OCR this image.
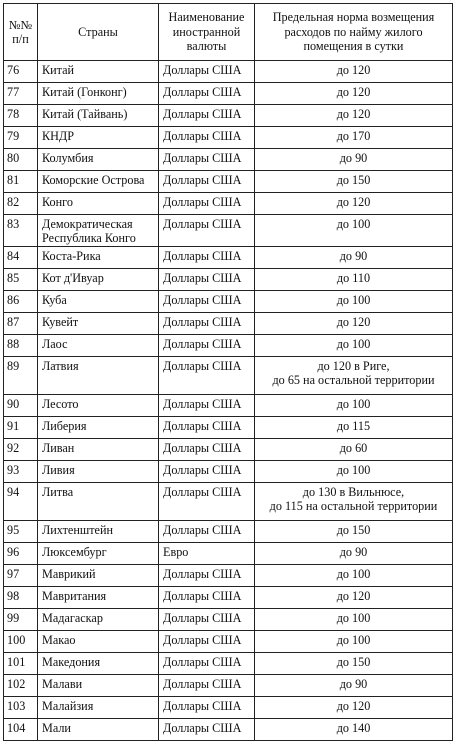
№№ п/п	Страны	Наименование иностранной валюты	Предельная норма возмещения расходов по найму жилого помещения в сутки
76	Китай	Доллары США	до 120
77	Китай (Гонконг)	Доллары США	до 120
78	Китай (Тайвань)	Доллары США	до 120
79	КНДР	Доллары США	до 170
80	Колумбия	Доллары США	до 90
81	Коморские Острова	Доллары США	до 150
82	Конго	Доллары США	до 120
83	Демократическая Республика Конго	Доллары США	до 100
84	Коста-Рика	Доллары США	до 90
85	Кот д'Ивуар	Доллары США	до 110
86	Куба	Доллары США	до 100
87	Кувейт	Доллары США	до 120
88	Лаос	Доллары США	до 100
89	Латвия	Доллары США	до 120 в Риге,
до 65 на остальной территории
90	Лесото	Доллары США	до 100
91	Либерия	Доллары США	до 115
92	Ливан	Доллары США	до 60
93	Ливия	Доллары США	до 100
94	Литва	Доллары США	до 130 в Вильнюсе,
до 115 на остальной территории
95	Лихтенштейн	Доллары США	до 150
96	Люксембург	Евро	до 90
97	Маврикий	Доллары США	до 100
98	Мавритания	Доллары США	до 120
99	Мадагаскар	Доллары США	до 100
100	Макао	Доллары США	до 100
101	Македония	Доллары США	до 150
102	Малави	Доллары США	до 90
103	Малайзия	Доллары США	до 120
104	Мали	Доллары США	до 140
